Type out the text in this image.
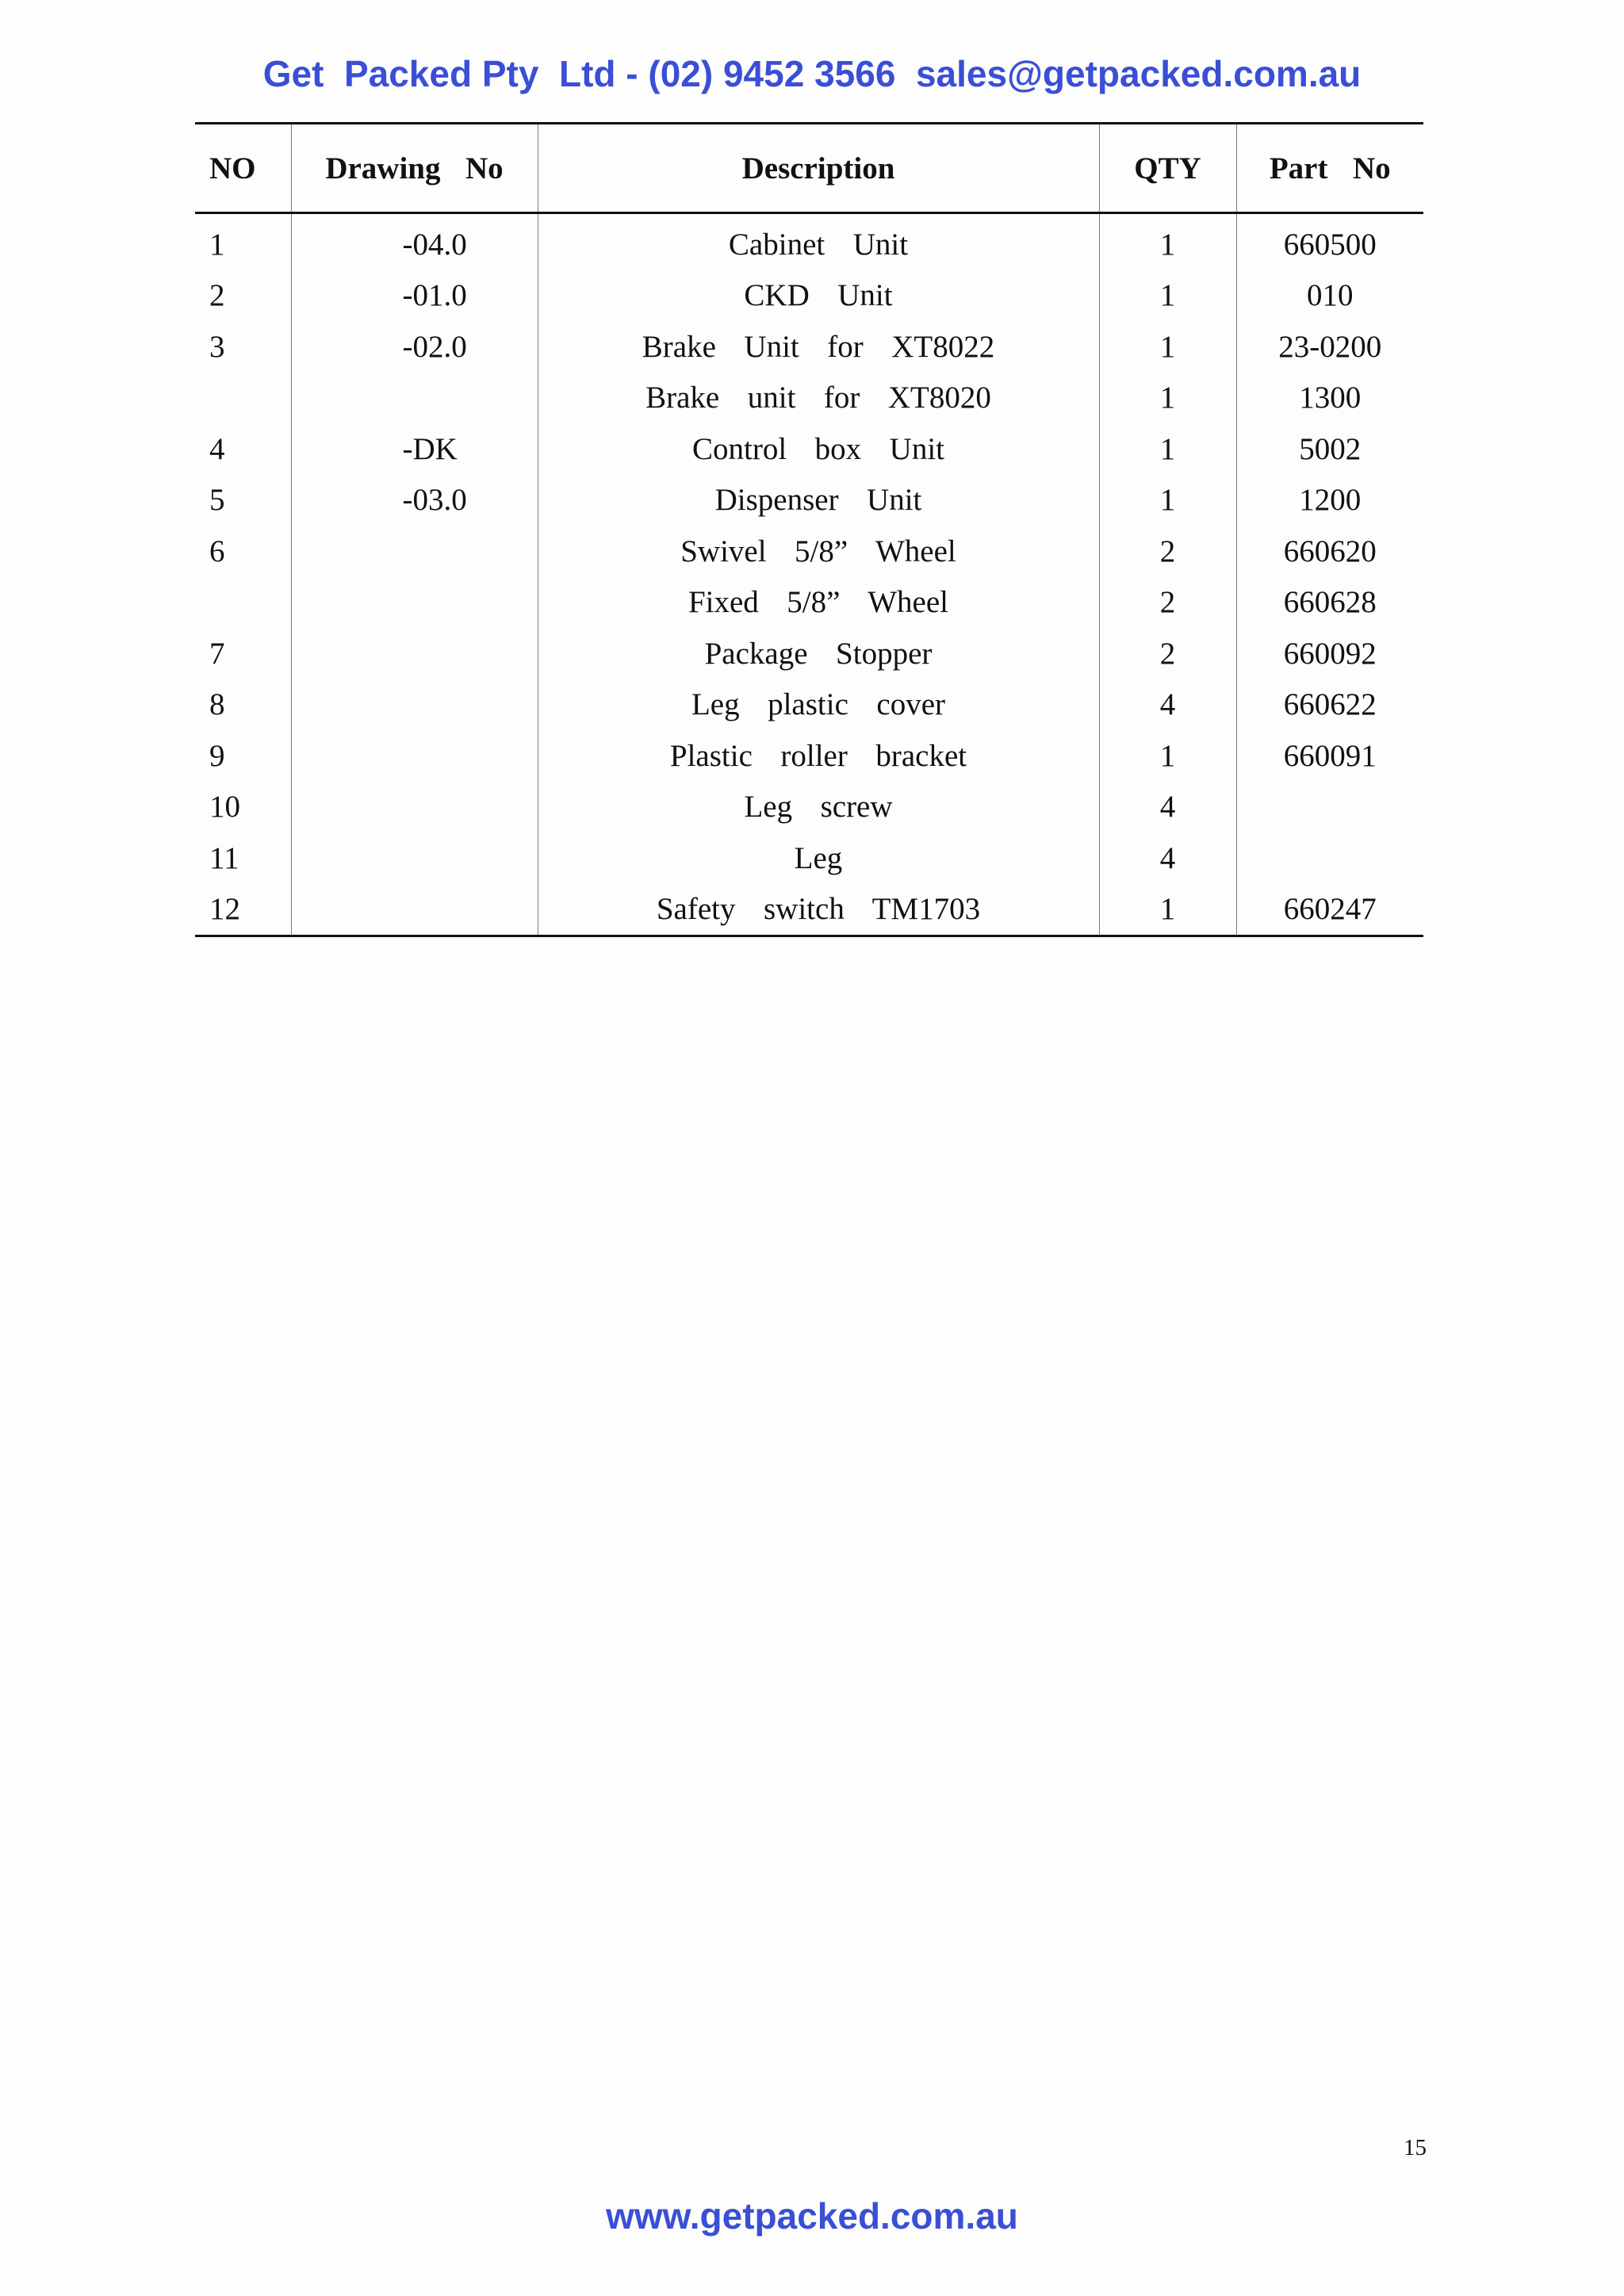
Get  Packed Pty  Ltd - (02) 9452 3566  sales@getpacked.com.au
NO	Drawing  No	Description	QTY	Part  No
1	-04.0	Cabinet  Unit	1	660500
2	-01.0	CKD  Unit	1	010
3	-02.0	Brake  Unit  for  XT8022	1	23-0200
		Brake  unit  for  XT8020	1	1300
4	-DK	Control  box  Unit	1	5002
5	-03.0	Dispenser  Unit	1	1200
6		Swivel  5/8”  Wheel	2	660620
		Fixed  5/8”  Wheel	2	660628
7		Package  Stopper	2	660092
8		Leg  plastic  cover	4	660622
9		Plastic  roller  bracket	1	660091
10		Leg  screw	4	
11		Leg	4	
12		Safety  switch  TM1703	1	660247
15
www.getpacked.com.au
